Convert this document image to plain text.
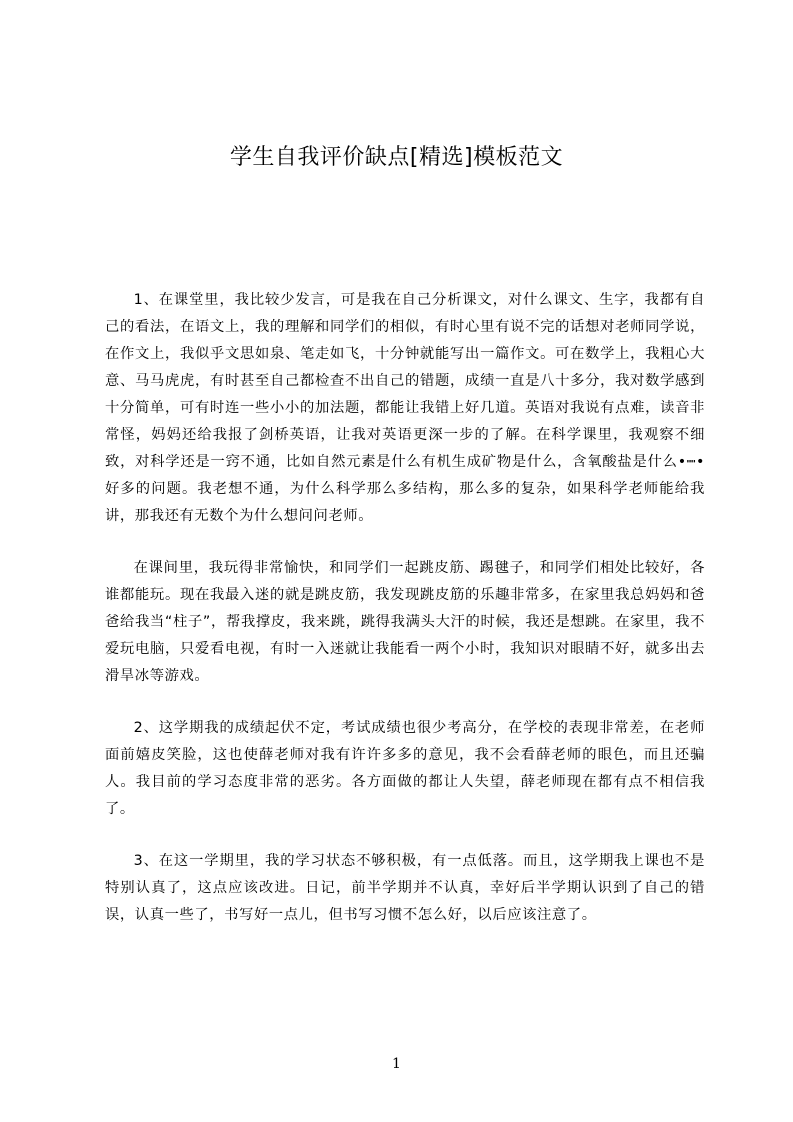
学生自我评价缺点[精选]模板范文

1、在课堂里，我比较少发言，可是我在自己分析课文，对什么课文、生字，我都有自己的看法，在语文上，我的理解和同学们的相似，有时心里有说不完的话想对老师同学说，在作文上，我似乎文思如泉、笔走如飞，十分钟就能写出一篇作文。可在数学上，我粗心大意、马马虎虎，有时甚至自己都检查不出自己的错题，成绩一直是八十多分，我对数学感到十分简单，可有时连一些小小的加法题，都能让我错上好几道。英语对我说有点难，读音非常怪，妈妈还给我报了剑桥英语，让我对英语更深一步的了解。在科学课里，我观察不细致，对科学还是一窍不通，比如自然元素是什么有机生成矿物是什么，含氧酸盐是什么•┉•好多的问题。我老想不通，为什么科学那么多结构，那么多的复杂，如果科学老师能给我讲，那我还有无数个为什么想问问老师。

在课间里，我玩得非常愉快，和同学们一起跳皮筋、踢毽子，和同学们相处比较好，各谁都能玩。现在我最入迷的就是跳皮筋，我发现跳皮筋的乐趣非常多，在家里我总妈妈和爸爸给我当“柱子”，帮我撑皮，我来跳，跳得我满头大汗的时候，我还是想跳。在家里，我不爱玩电脑，只爱看电视，有时一入迷就让我能看一两个小时，我知识对眼睛不好，就多出去滑旱冰等游戏。

2、这学期我的成绩起伏不定，考试成绩也很少考高分，在学校的表现非常差，在老师面前嬉皮笑脸，这也使薛老师对我有许许多多的意见，我不会看薛老师的眼色，而且还骗人。我目前的学习态度非常的恶劣。各方面做的都让人失望，薛老师现在都有点不相信我了。

3、在这一学期里，我的学习状态不够积极，有一点低落。而且，这学期我上课也不是特别认真了，这点应该改进。日记，前半学期并不认真，幸好后半学期认识到了自己的错误，认真一些了，书写好一点儿，但书写习惯不怎么好，以后应该注意了。

1
